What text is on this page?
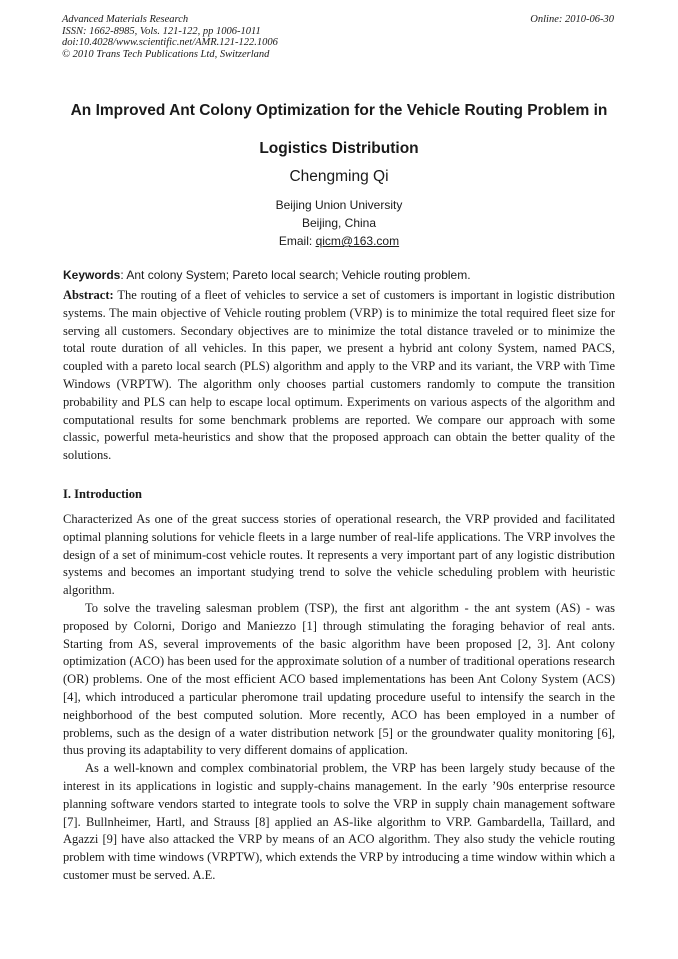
Advanced Materials Research
ISSN: 1662-8985, Vols. 121-122, pp 1006-1011
doi:10.4028/www.scientific.net/AMR.121-122.1006
© 2010 Trans Tech Publications Ltd, Switzerland
Online: 2010-06-30
An Improved Ant Colony Optimization for the Vehicle Routing Problem in Logistics Distribution
Chengming Qi
Beijing Union University
Beijing, China
Email: qicm@163.com
Keywords: Ant colony System; Pareto local search; Vehicle routing problem.
Abstract: The routing of a fleet of vehicles to service a set of customers is important in logistic distribution systems. The main objective of Vehicle routing problem (VRP) is to minimize the total required fleet size for serving all customers. Secondary objectives are to minimize the total distance traveled or to minimize the total route duration of all vehicles. In this paper, we present a hybrid ant colony System, named PACS, coupled with a pareto local search (PLS) algorithm and apply to the VRP and its variant, the VRP with Time Windows (VRPTW). The algorithm only chooses partial customers randomly to compute the transition probability and PLS can help to escape local optimum. Experiments on various aspects of the algorithm and computational results for some benchmark problems are reported. We compare our approach with some classic, powerful meta-heuristics and show that the proposed approach can obtain the better quality of the solutions.
I. Introduction

Characterized As one of the great success stories of operational research, the VRP provided and facilitated optimal planning solutions for vehicle fleets in a large number of real-life applications. The VRP involves the design of a set of minimum-cost vehicle routes. It represents a very important part of any logistic distribution systems and becomes an important studying trend to solve the vehicle scheduling problem with heuristic algorithm.

To solve the traveling salesman problem (TSP), the first ant algorithm - the ant system (AS) - was proposed by Colorni, Dorigo and Maniezzo [1] through stimulating the foraging behavior of real ants. Starting from AS, several improvements of the basic algorithm have been proposed [2, 3]. Ant colony optimization (ACO) has been used for the approximate solution of a number of traditional operations research (OR) problems. One of the most efficient ACO based implementations has been Ant Colony System (ACS) [4], which introduced a particular pheromone trail updating procedure useful to intensify the search in the neighborhood of the best computed solution. More recently, ACO has been employed in a number of problems, such as the design of a water distribution network [5] or the groundwater quality monitoring [6], thus proving its adaptability to very different domains of application.

As a well-known and complex combinatorial problem, the VRP has been largely study because of the interest in its applications in logistic and supply-chains management. In the early ’90s enterprise resource planning software vendors started to integrate tools to solve the VRP in supply chain management software [7]. Bullnheimer, Hartl, and Strauss [8] applied an AS-like algorithm to VRP. Gambardella, Taillard, and Agazzi [9] have also attacked the VRP by means of an ACO algorithm. They also study the vehicle routing problem with time windows (VRPTW), which extends the VRP by introducing a time window within which a customer must be served. A.E.
